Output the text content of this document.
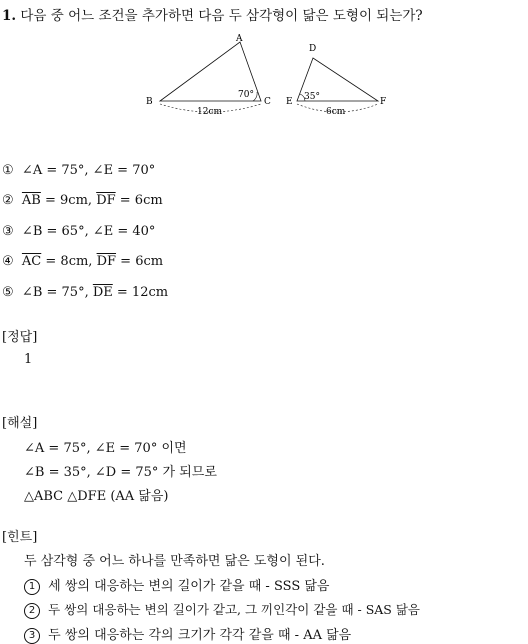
1. 다음 중 어느 조건을 추가하면 다음 두 삼각형이 닮은 도형이 되는가?
A
B	C
70°
12cm
D
E	F
35°
6cm
① ∠A = 75°, ∠E = 70°
② $\overline{AB} = 9cm$, $\overline{DF} = 6cm$
③ ∠B = 65°, ∠E = 40°
④ $\overline{AC} = 8cm$, $\overline{DF} = 6cm$
⑤ ∠B = 75°, $\overline{DE} = 12cm$
[정답]
1
[해설]
∠A = 75°, ∠E = 70° 이면
∠B = 35°, ∠D = 75° 가 되므로
△ABC △DFE (AA 닮음)
[힌트]
두 삼각형 중 어느 하나를 만족하면 닮은 도형이 된다.
1 세 쌍의 대응하는 변의 길이가 같을 때 - SSS 닮음
2 두 쌍의 대응하는 변의 길이가 같고, 그 끼인각이 같을 때 - SAS 닮음
3 두 쌍의 대응하는 각의 크기가 각각 같을 때 - AA 닮음
